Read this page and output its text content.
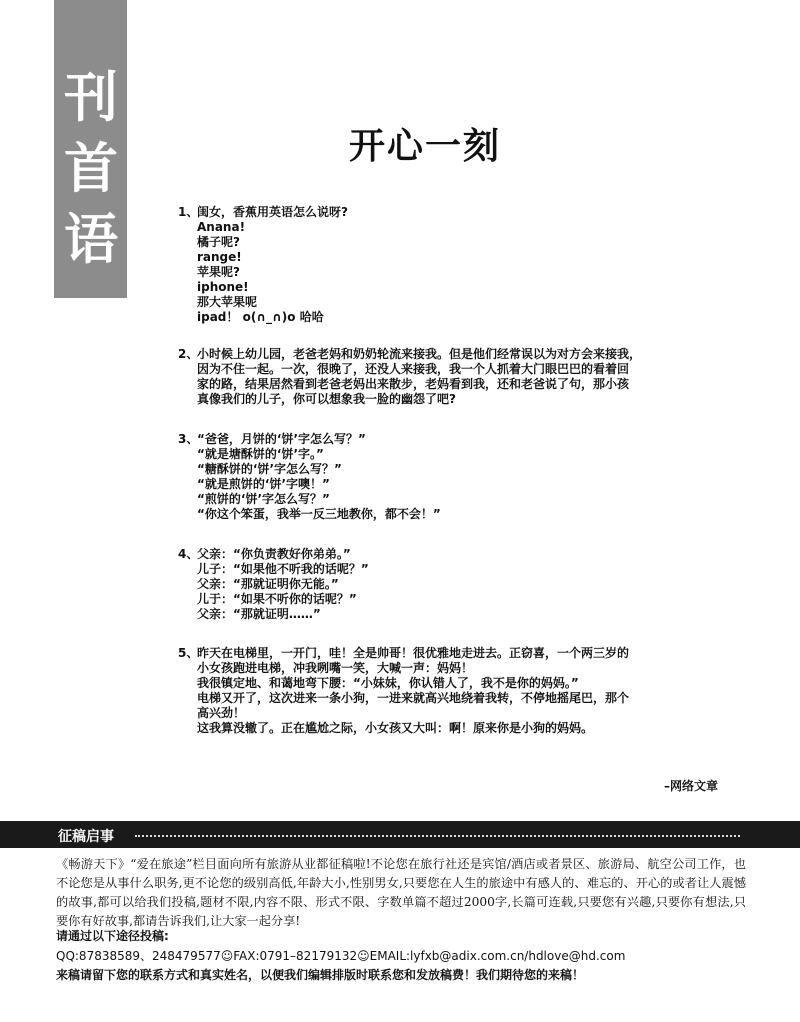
刊
首
语
开心一刻
1、
闺女，香蕉用英语怎么说呀?
Anana!
橘子呢?
range!
苹果呢?
iphone!
那大苹果呢
ipad！ o(∩_∩)o 哈哈
2、
小时候上幼儿园，老爸老妈和奶奶轮流来接我。但是他们经常误以为对方会来接我，
因为不住一起。一次，很晚了，还没人来接我，我一个人抓着大门眼巴巴的看着回
家的路，结果居然看到老爸老妈出来散步，老妈看到我，还和老爸说了句，那小孩
真像我们的儿子，你可以想象我一脸的幽怨了吧?
3、
“爸爸，月饼的‘饼’字怎么写？”
“就是塘酥饼的‘饼’字。”
“糖酥饼的‘饼’字怎么写？”
“就是煎饼的‘饼’字噢！”
“煎饼的‘饼’字怎么写？”
“你这个笨蛋，我举一反三地教你，都不会！”
4、
父亲：“你负责教好你弟弟。”
儿子：“如果他不听我的话呢？”
父亲：“那就证明你无能。”
儿于：“如果不听你的话呢？”
父亲：“那就证明……”
5、
昨天在电梯里，一开门，哇！全是帅哥！很优雅地走进去。正窃喜，一个两三岁的
小女孩跑进电梯，冲我咧嘴一笑，大喊一声：妈妈！
我很镇定地、和蔼地弯下腰：“小妹妹，你认错人了，我不是你的妈妈。”
电梯又开了，这次进来一条小狗，一进来就高兴地绕着我转，不停地摇尾巴，那个
高兴劲！
这我算没辙了。正在尴尬之际，小女孩又大叫：啊！原来你是小狗的妈妈。
–网络文章
征稿启事
《畅游天下》“爱在旅途”栏目面向所有旅游从业都征稿啦!不论您在旅行社还是宾馆/酒店或者景区、旅游局、航空公司工作，也不论您是从事什么职务,更不论您的级别高低,年龄大小,性别男女,只要您在人生的旅途中有感人的、难忘的、开心的或者让人震憾的故事,都可以给我们投稿,题材不限,内容不限、形式不限、字数单篇不超过2000字,长篇可连载,只要您有兴趣,只要你有想法,只要你有好故事,都请告诉我们,让大家一起分享!
请通过以下途径投稿:
QQ:87838589、248479577☺FAX:0791–82179132☺EMAIL:lyfxb@adix.com.cn/hdlove@hd.com
来稿请留下您的联系方式和真实姓名，以便我们编辑排版时联系您和发放稿费！我们期待您的来稿！
